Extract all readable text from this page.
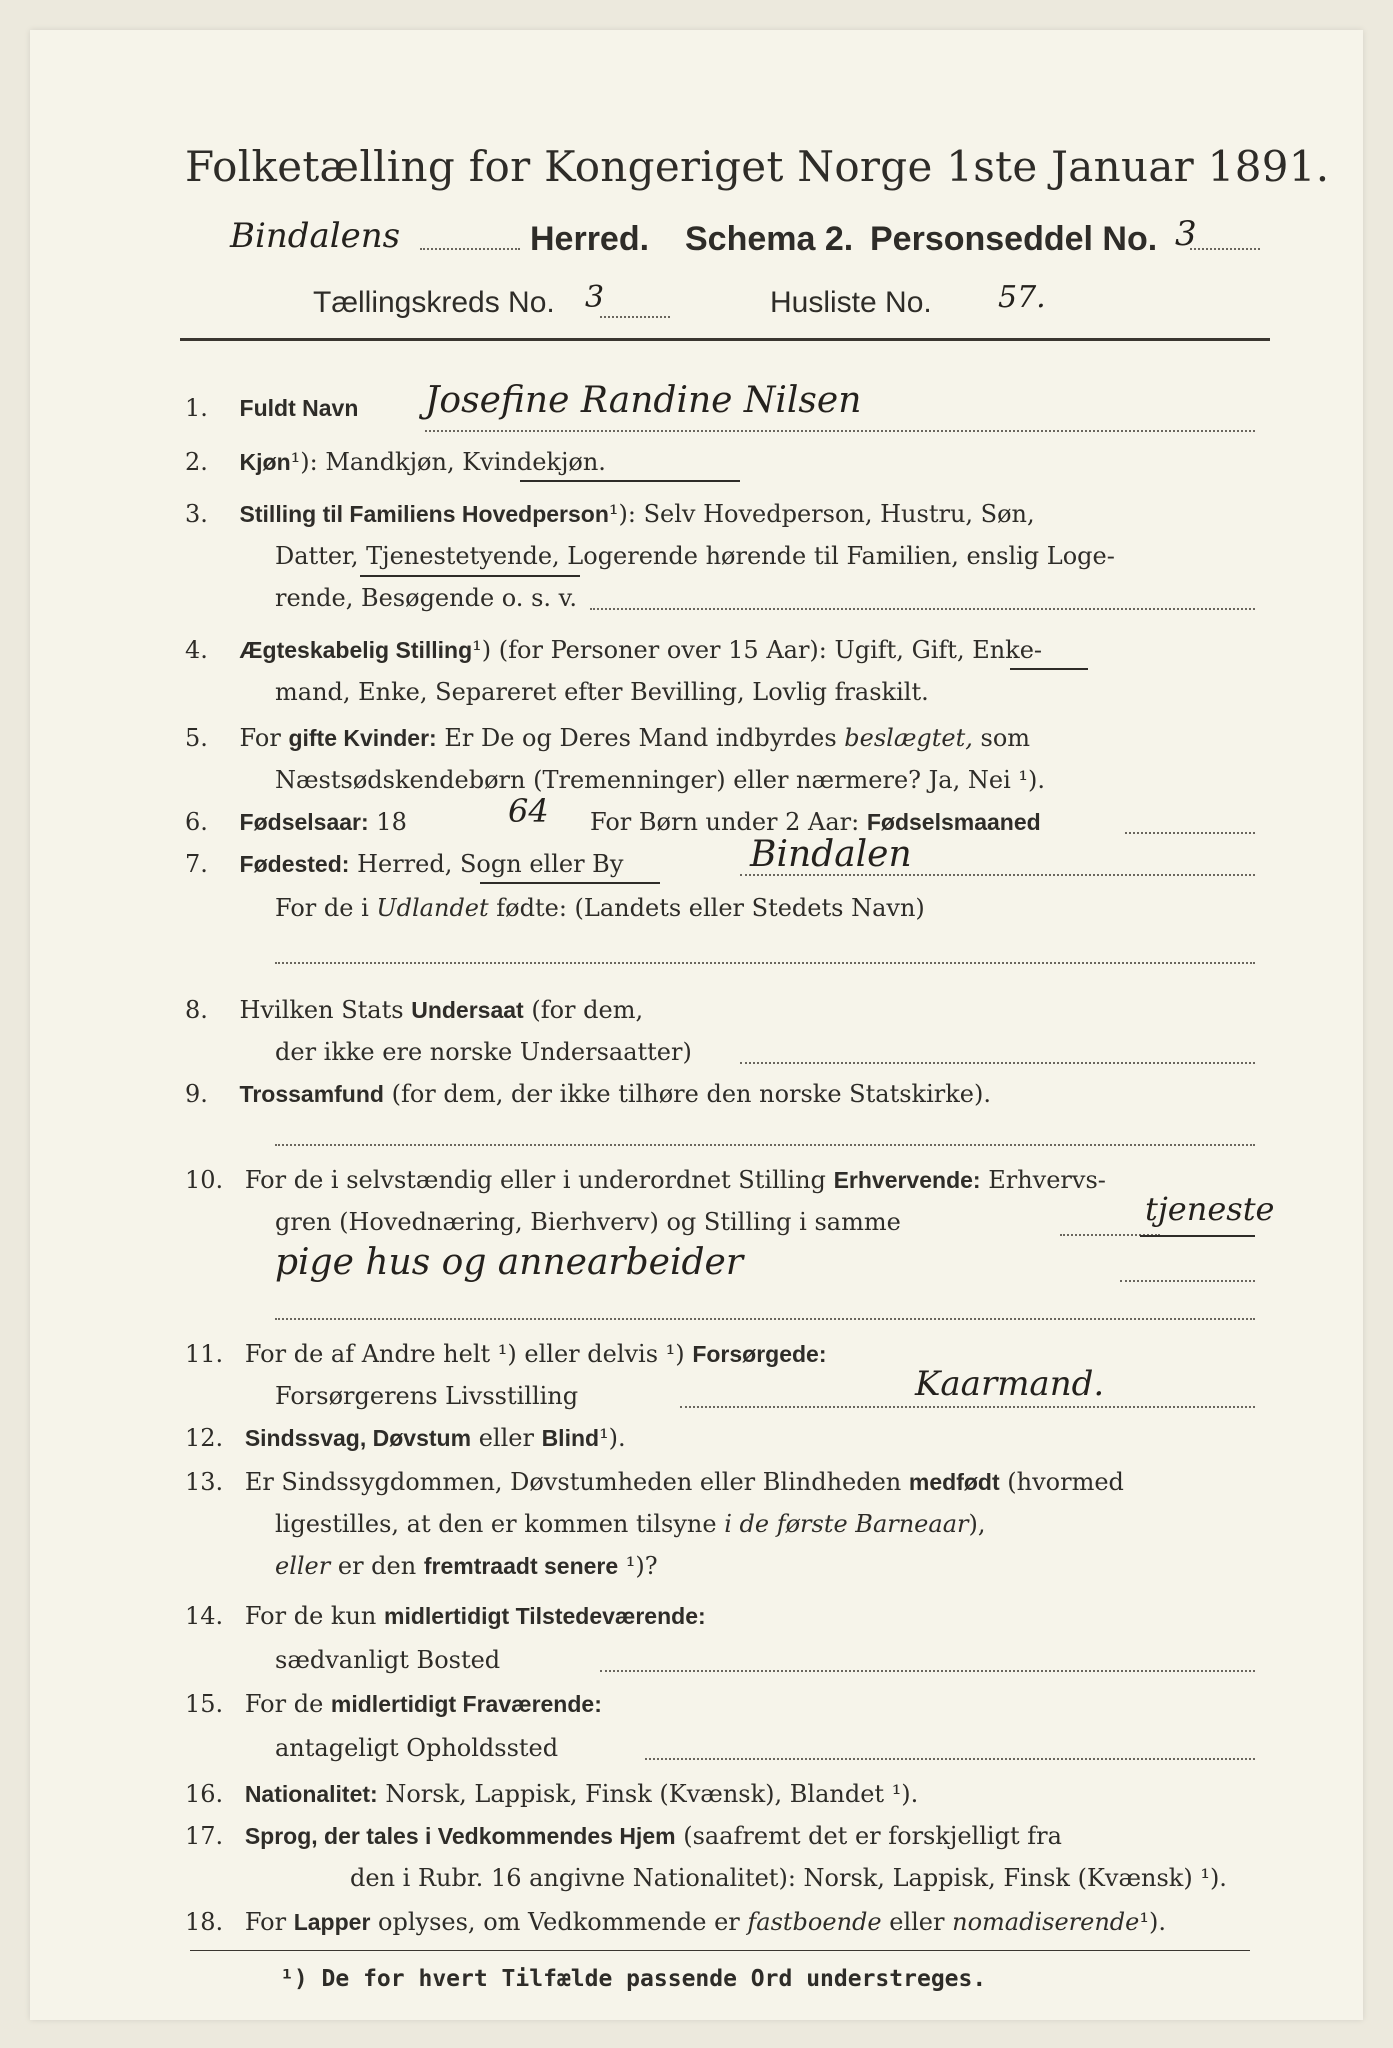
Folketælling for Kongeriget Norge 1ste Januar 1891.
Bindalens	Herred. Schema 2. Personseddel No. 3
Tællingskreds No. 3	Husliste No. 57.
1. Fuldt Navn Josefine Randine Nilsen
2. Kjøn¹): Mandkjøn, Kvindekjøn.
3. Stilling til Familiens Hovedperson¹): Selv Hovedperson, Hustru, Søn,
Datter, Tjenestetyende, Logerende hørende til Familien, enslig Loge-
rende, Besøgende o. s. v.
4. Ægteskabelig Stilling¹) (for Personer over 15 Aar): Ugift, Gift, Enke-
mand, Enke, Separeret efter Bevilling, Lovlig fraskilt.
5. For gifte Kvinder: Er De og Deres Mand indbyrdes beslægtet, som
Næstsødskendebørn (Tremenninger) eller nærmere? Ja, Nei ¹).
6. Fødselsaar: 18	64 For Børn under 2 Aar: Fødselsmaaned
7. Fødested: Herred, Sogn eller By	Bindalen
For de i Udlandet fødte: (Landets eller Stedets Navn)
8. Hvilken Stats Undersaat (for dem,
der ikke ere norske Undersaatter)
9. Trossamfund (for dem, der ikke tilhøre den norske Statskirke).
10. For de i selvstændig eller i underordnet Stilling Erhvervende: Erhvervs-
gren (Hovednæring, Bierhverv) og Stilling i samme	tjeneste
pige hus og annearbeider
11. For de af Andre helt ¹) eller delvis ¹) Forsørgede:
Forsørgerens Livsstilling	Kaarmand.
12. Sindssvag, Døvstum eller Blind¹).
13. Er Sindssygdommen, Døvstumheden eller Blindheden medfødt (hvormed
ligestilles, at den er kommen tilsyne i de første Barneaar),
eller er den fremtraadt senere ¹)?
14. For de kun midlertidigt Tilstedeværende:
sædvanligt Bosted
15. For de midlertidigt Fraværende:
antageligt Opholdssted
16. Nationalitet: Norsk, Lappisk, Finsk (Kvænsk), Blandet ¹).
17. Sprog, der tales i Vedkommendes Hjem (saafremt det er forskjelligt fra
den i Rubr. 16 angivne Nationalitet): Norsk, Lappisk, Finsk (Kvænsk) ¹).
18. For Lapper oplyses, om Vedkommende er fastboende eller nomadiserende¹).
¹) De for hvert Tilfælde passende Ord understreges.
